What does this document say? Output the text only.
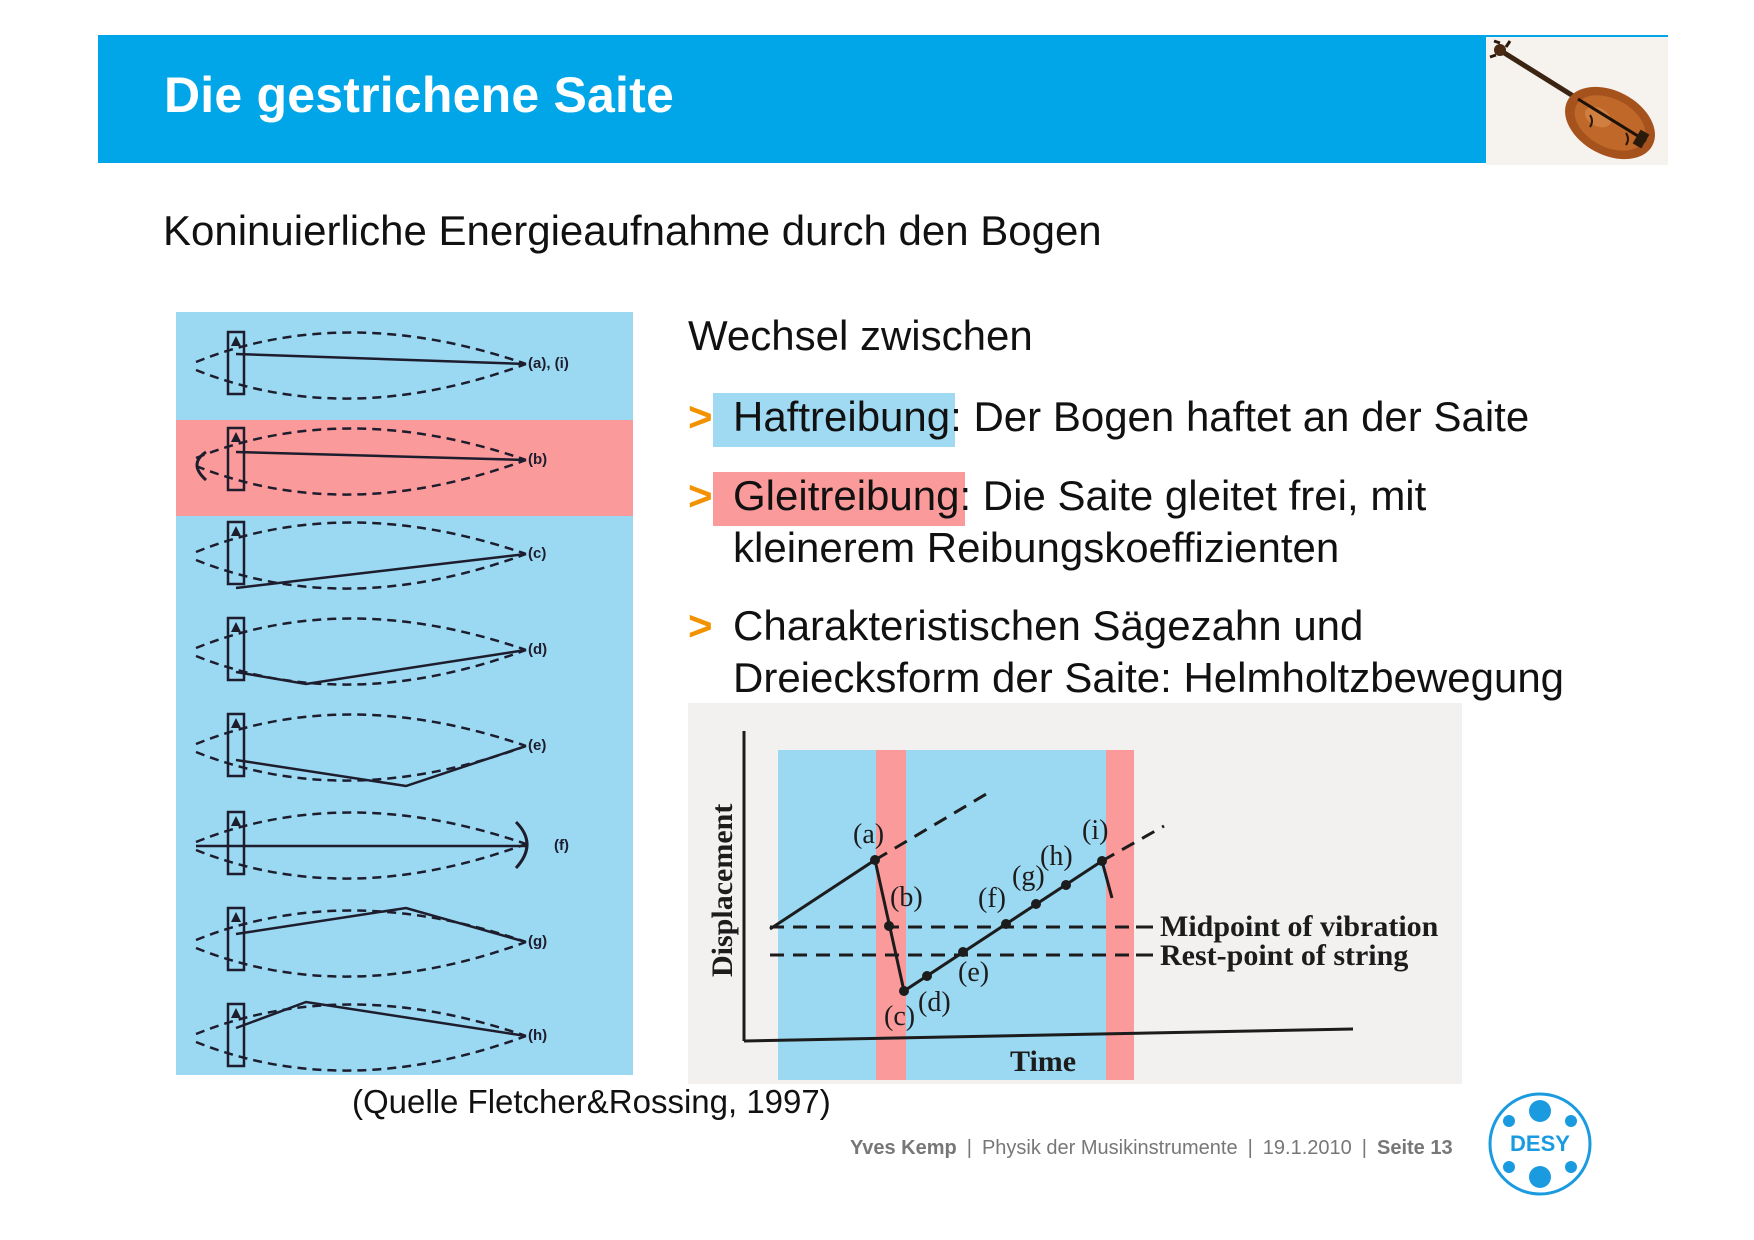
Die gestrichene Saite
Koninuierliche Energieaufnahme durch den Bogen
(a), (i)
(b)
(c)
(d)
(e)
(f)
(g)
(h)
Wechsel zwischen
> Haftreibung: Der Bogen haftet an der Saite
> Gleitreibung: Die Saite gleitet frei, mit
kleinerem Reibungskoeffizienten
> Charakteristischen Sägezahn und
Dreiecksform der Saite: Helmholtzbewegung
(a)
(b)
(c) (d)
(e)
(f)
(g)
(h)
(i)
Midpoint of vibration
Rest-point of string
Time
Displacement
(Quelle Fletcher&Rossing, 1997)
Yves Kemp | Physik der Musikinstrumente | 19.1.2010 | Seite 13	DESY
